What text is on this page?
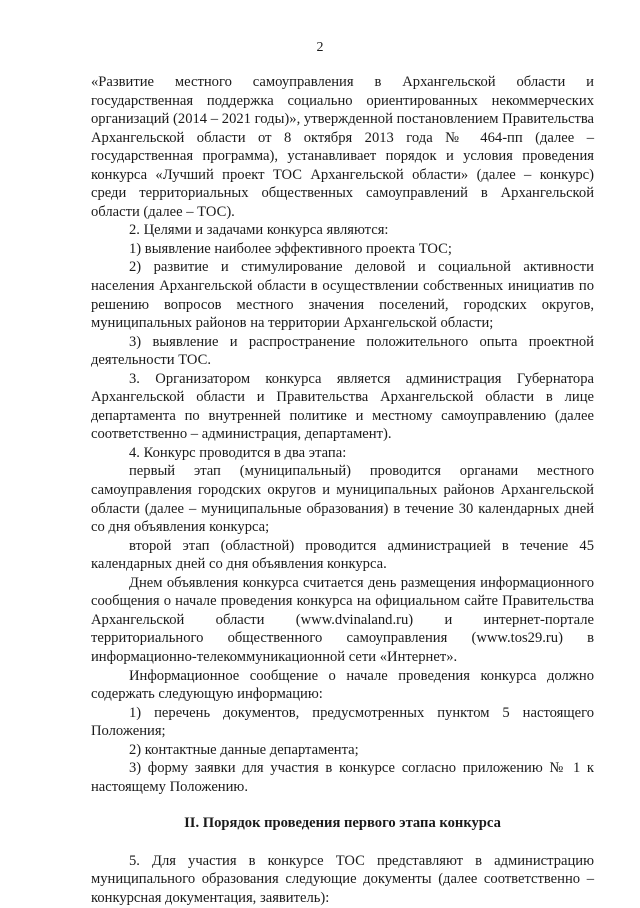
2

«Развитие местного самоуправления в Архангельской области и государственная поддержка социально ориентированных некоммерческих организаций (2014 – 2021 годы)», утвержденной постановлением Правительства Архангельской области от 8 октября 2013 года № 464-пп (далее – государственная программа), устанавливает порядок и условия проведения конкурса «Лучший проект ТОС Архангельской области» (далее – конкурс) среди территориальных общественных самоуправлений в Архангельской области (далее – ТОС).

2. Целями и задачами конкурса являются:

1) выявление наиболее эффективного проекта ТОС;

2) развитие и стимулирование деловой и социальной активности населения Архангельской области в осуществлении собственных инициатив по решению вопросов местного значения поселений, городских округов, муниципальных районов на территории Архангельской области;

3) выявление и распространение положительного опыта проектной деятельности ТОС.

3. Организатором конкурса является администрация Губернатора Архангельской области и Правительства Архангельской области в лице департамента по внутренней политике и местному самоуправлению (далее соответственно – администрация, департамент).

4. Конкурс проводится в два этапа:

первый этап (муниципальный) проводится органами местного самоуправления городских округов и муниципальных районов Архангельской области (далее – муниципальные образования) в течение 30 календарных дней со дня объявления конкурса;

второй этап (областной) проводится администрацией в течение 45 календарных дней со дня объявления конкурса.

Днем объявления конкурса считается день размещения информационного сообщения о начале проведения конкурса на официальном сайте Правительства Архангельской области (www.dvinaland.ru) и интернет-портале территориального общественного самоуправления (www.tos29.ru) в информационно-телекоммуникационной сети «Интернет».

Информационное сообщение о начале проведения конкурса должно содержать следующую информацию:

1) перечень документов, предусмотренных пунктом 5 настоящего Положения;

2) контактные данные департамента;

3) форму заявки для участия в конкурсе согласно приложению № 1 к настоящему Положению.

II. Порядок проведения первого этапа конкурса

5. Для участия в конкурсе ТОС представляют в администрацию муниципального образования следующие документы (далее соответственно – конкурсная документация, заявитель):
